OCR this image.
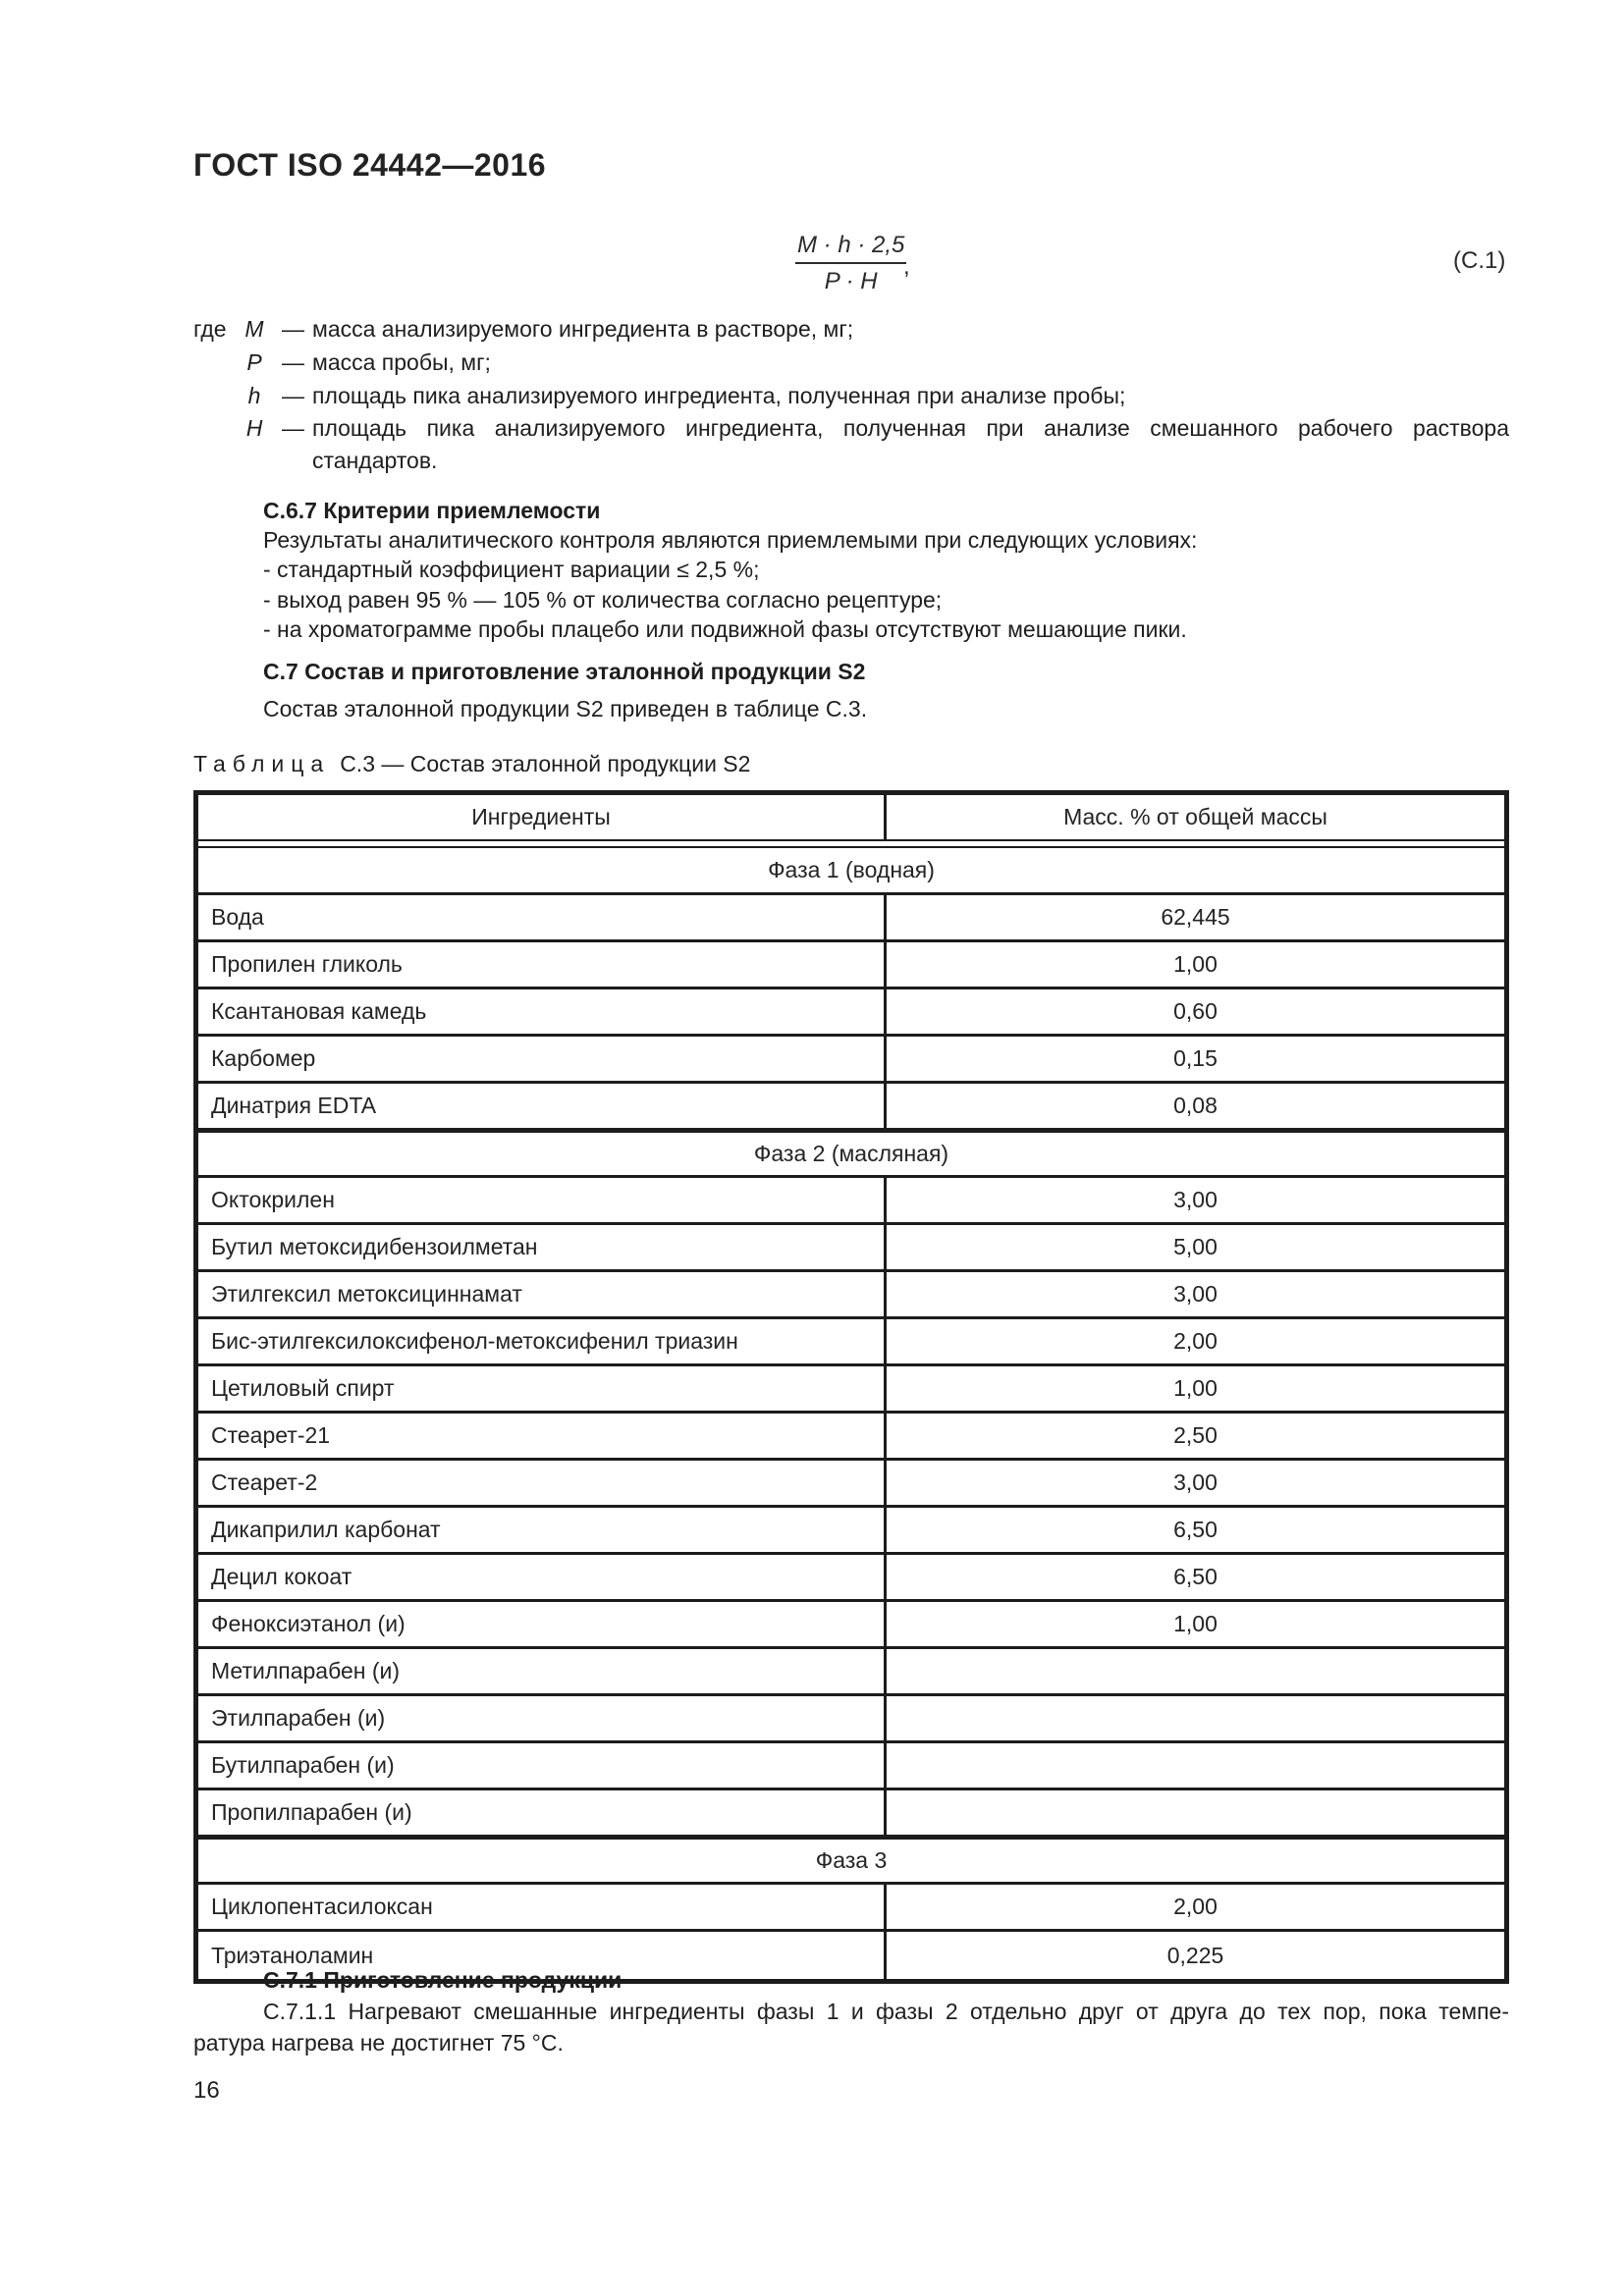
ГОСТ ISO 24442—2016
$\frac{M \cdot h \cdot 2,5}{P \cdot H}$
,	(С.1)
где M — масса анализируемого ингредиента в растворе, мг;
P — масса пробы, мг;
h — площадь пика анализируемого ингредиента, полученная при анализе пробы;
H — площадь пика анализируемого ингредиента, полученная при анализе смешанного рабочего раствора
стандартов.
С.6.7 Критерии приемлемости
Результаты аналитического контроля являются приемлемыми при следующих условиях:
- стандартный коэффициент вариации ≤ 2,5 %;
- выход равен 95 % — 105 % от количества согласно рецептуре;
- на хроматограмме пробы плацебо или подвижной фазы отсутствуют мешающие пики.
С.7 Состав и приготовление эталонной продукции S2
Состав эталонной продукции S2 приведен в таблице С.3.
Таблица С.3 — Состав эталонной продукции S2
Ингредиенты	Масс. % от общей массы
Фаза 1 (водная)
Вода	62,445
Пропилен гликоль	1,00
Ксантановая камедь	0,60
Карбомер	0,15
Динатрия EDTA	0,08
Фаза 2 (масляная)
Октокрилен	3,00
Бутил метоксидибензоилметан	5,00
Этилгексил метоксициннамат	3,00
Бис-этилгексилоксифенол-метоксифенил триазин	2,00
Цетиловый спирт	1,00
Стеарет-21	2,50
Стеарет-2	3,00
Дикаприлил карбонат	6,50
Децил кокоат	6,50
Феноксиэтанол (и)	1,00
Метилпарабен (и)
Этилпарабен (и)
Бутилпарабен (и)
Пропилпарабен (и)
Фаза 3
Циклопентасилоксан	2,00
Триэтаноламин	0,225
С.7.1 Приготовление продукции
С.7.1.1 Нагревают смешанные ингредиенты фазы 1 и фазы 2 отдельно друг от друга до тех пор, пока темпе-
ратура нагрева не достигнет 75 °С.
16
